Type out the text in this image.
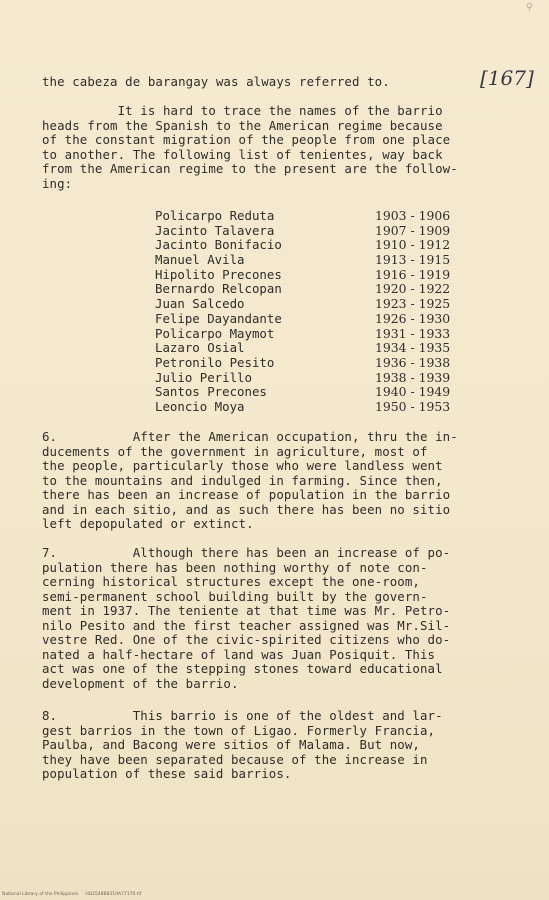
⚲
[167]
the cabeza de barangay was always referred to.
It is hard to trace the names of the barrio
heads from the Spanish to the American regime because
of the constant migration of the people from one place
to another. The following list of tenientes, way back
from the American regime to the present are the follow-
ing:
Policarpo Reduta	1903 - 1906
Jacinto Talavera	1907 - 1909
Jacinto Bonifacio	1910 - 1912
Manuel Avila	1913 - 1915
Hipolito Precones	1916 - 1919
Bernardo Relcopan	1920 - 1922
Juan Salcedo	1923 - 1925
Felipe Dayandante	1926 - 1930
Policarpo Maymot	1931 - 1933
Lazaro Osial	1934 - 1935
Petronilo Pesito	1936 - 1938
Julio Perillo	1938 - 1939
Santos Precones	1940 - 1949
Leoncio Moya	1950 - 1953
6.          After the American occupation, thru the in-
ducements of the government in agriculture, most of
the people, particularly those who were landless went
to the mountains and indulged in farming. Since then,
there has been an increase of population in the barrio
and in each sitio, and as such there has been no sitio
left depopulated or extinct.
7.          Although there has been an increase of po-
pulation there has been nothing worthy of note con-
cerning historical structures except the one-room,
semi-permanent school building built by the govern-
ment in 1937. The teniente at that time was Mr. Petro-
nilo Pesito and the first teacher assigned was Mr.Sil-
vestre Red. One of the civic-spirited citizens who do-
nated a half-hectare of land was Juan Posiquit. This
act was one of the stepping stones toward educational
development of the barrio.
8.          This barrio is one of the oldest and lar-
gest barrios in the town of Ligao. Formerly Francia,
Paulba, and Bacong were sitios of Malama. But now,
they have been separated because of the increase in
population of these said barrios.
National Library of the Philippines     HD254888319A77170.tif
